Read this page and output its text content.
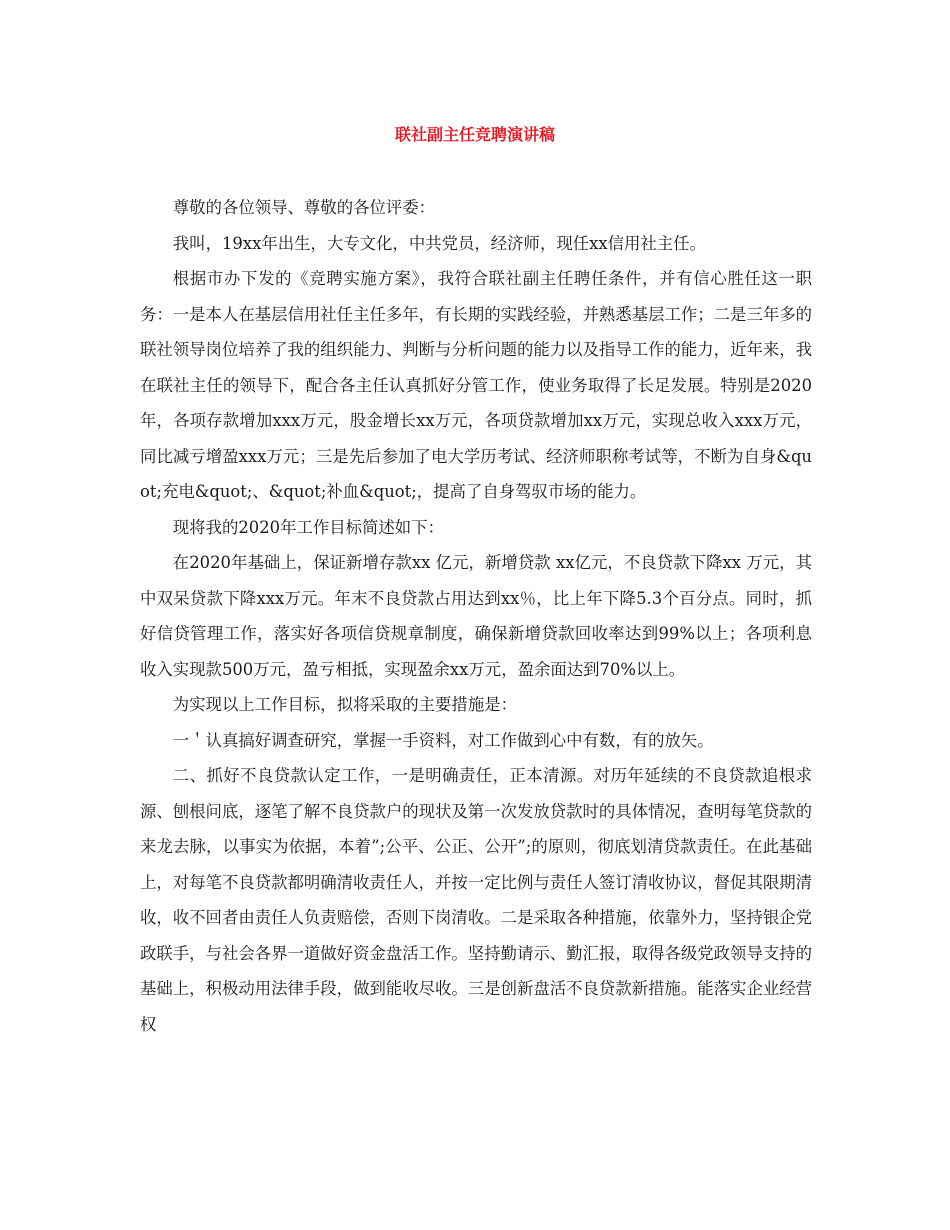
联社副主任竞聘演讲稿

尊敬的各位领导、尊敬的各位评委：

我叫，19xx年出生，大专文化，中共党员，经济师，现任xx信用社主任。

根据市办下发的《竞聘实施方案》，我符合联社副主任聘任条件，并有信心胜任这一职务：一是本人在基层信用社任主任多年，有长期的实践经验，并熟悉基层工作；二是三年多的联社领导岗位培养了我的组织能力、判断与分析问题的能力以及指导工作的能力，近年来，我在联社主任的领导下，配合各主任认真抓好分管工作，使业务取得了长足发展。特别是2020年，各项存款增加xxx万元，股金增长xx万元，各项贷款增加xx万元，实现总收入xxx万元，同比减亏增盈xxx万元；三是先后参加了电大学历考试、经济师职称考试等，不断为自身&quot;充电&quot;、&quot;补血&quot;，提高了自身驾驭市场的能力。

现将我的2020年工作目标简述如下：

在2020年基础上，保证新增存款xx 亿元，新增贷款 xx亿元，不良贷款下降xx 万元，其中双呆贷款下降xxx万元。年末不良贷款占用达到xx％，比上年下降5.3个百分点。同时，抓好信贷管理工作，落实好各项信贷规章制度，确保新增贷款回收率达到99%以上；各项利息收入实现款500万元，盈亏相抵，实现盈余xx万元，盈余面达到70%以上。

为实现以上工作目标，拟将采取的主要措施是：

一＇认真搞好调查研究，掌握一手资料，对工作做到心中有数，有的放矢。

二、抓好不良贷款认定工作，一是明确责任，正本清源。对历年延续的不良贷款追根求源、刨根问底，逐笔了解不良贷款户的现状及第一次发放贷款时的具体情况，查明每笔贷款的来龙去脉，以事实为依据，本着”;公平、公正、公开”;的原则，彻底划清贷款责任。在此基础上，对每笔不良贷款都明确清收责任人，并按一定比例与责任人签订清收协议，督促其限期清收，收不回者由责任人负责赔偿，否则下岗清收。二是采取各种措施，依靠外力，坚持银企党政联手，与社会各界一道做好资金盘活工作。坚持勤请示、勤汇报，取得各级党政领导支持的基础上，积极动用法律手段，做到能收尽收。三是创新盘活不良贷款新措施。能落实企业经营权
